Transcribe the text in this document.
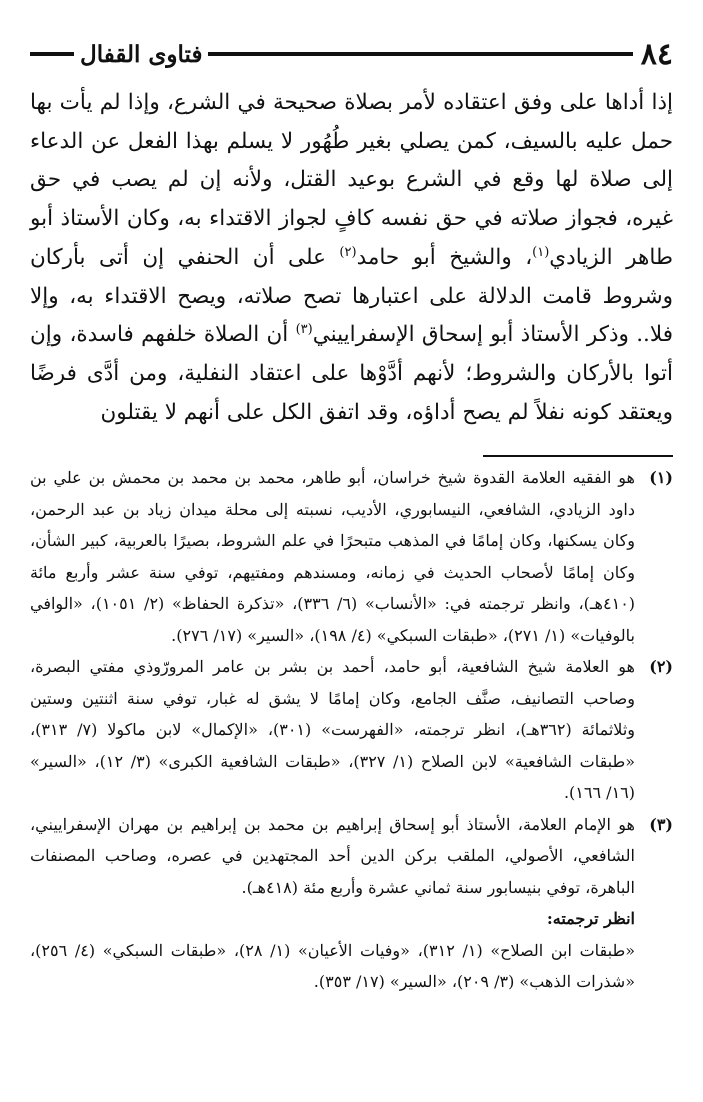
٨٤
فتاوى القفال

إذا أداها على وفق اعتقاده لأمر بصلاة صحيحة في الشرع، وإذا لم يأت بها حمل عليه بالسيف، كمن يصلي بغير طُهُور لا يسلم بهذا الفعل عن الدعاء إلى صلاة لها وقع في الشرع بوعيد القتل، ولأنه إن لم يصب في حق غيره، فجواز صلاته في حق نفسه كافٍ لجواز الاقتداء به، وكان الأستاذ أبو طاهر الزيادي$^{(١)}$، والشيخ أبو حامد$^{(٢)}$ على أن الحنفي إن أتى بأركان وشروط قامت الدلالة على اعتبارها تصح صلاته، ويصح الاقتداء به، وإلا فلا.. وذكر الأستاذ أبو إسحاق الإسفراييني$^{(٣)}$ أن الصلاة خلفهم فاسدة، وإن أتوا بالأركان والشروط؛ لأنهم أدَّوْها على اعتقاد النفلية، ومن أدَّى فرضًا ويعتقد كونه نفلاً لم يصح أداؤه، وقد اتفق الكل على أنهم لا يقتلون

(١)
هو الفقيه العلامة القدوة شيخ خراسان، أبو طاهر، محمد بن محمد بن محمش بن علي بن داود الزيادي، الشافعي، النيسابوري، الأديب، نسبته إلى محلة ميدان زياد بن عبد الرحمن، وكان يسكنها، وكان إمامًا في المذهب متبحرًا في علم الشروط، بصيرًا بالعربية، كبير الشأن، وكان إمامًا لأصحاب الحديث في زمانه، ومسندهم ومفتيهم، توفي سنة عشر وأربع مائة (٤١٠هـ)، وانظر ترجمته في: «الأنساب» (٦/ ٣٣٦)، «تذكرة الحفاظ» (٢/ ١٠٥١)، «الوافي بالوفيات» (١/ ٢٧١)، «طبقات السبكي» (٤/ ١٩٨)، «السير» (١٧/ ٢٧٦).
(٢)
هو العلامة شيخ الشافعية، أبو حامد، أحمد بن بشر بن عامر المرورّوذي مفتي البصرة، وصاحب التصانيف، صنَّف الجامع، وكان إمامًا لا يشق له غبار، توفي سنة اثنتين وستين وثلاثمائة (٣٦٢هـ)، انظر ترجمته، «الفهرست» (٣٠١)، «الإكمال» لابن ماكولا (٧/ ٣١٣)، «طبقات الشافعية» لابن الصلاح (١/ ٣٢٧)، «طبقات الشافعية الكبرى» (٣/ ١٢)، «السير» (١٦/ ١٦٦).
(٣)
هو الإمام العلامة، الأستاذ أبو إسحاق إبراهيم بن محمد بن إبراهيم بن مهران الإسفراييني، الشافعي، الأصولي، الملقب بركن الدين أحد المجتهدين في عصره، وصاحب المصنفات الباهرة، توفي بنيسابور سنة ثماني عشرة وأربع مئة (٤١٨هـ).
انظر ترجمته:
«طبقات ابن الصلاح» (١/ ٣١٢)، «وفيات الأعيان» (١/ ٢٨)، «طبقات السبكي» (٤/ ٢٥٦)، «شذرات الذهب» (٣/ ٢٠٩)، «السير» (١٧/ ٣٥٣).
